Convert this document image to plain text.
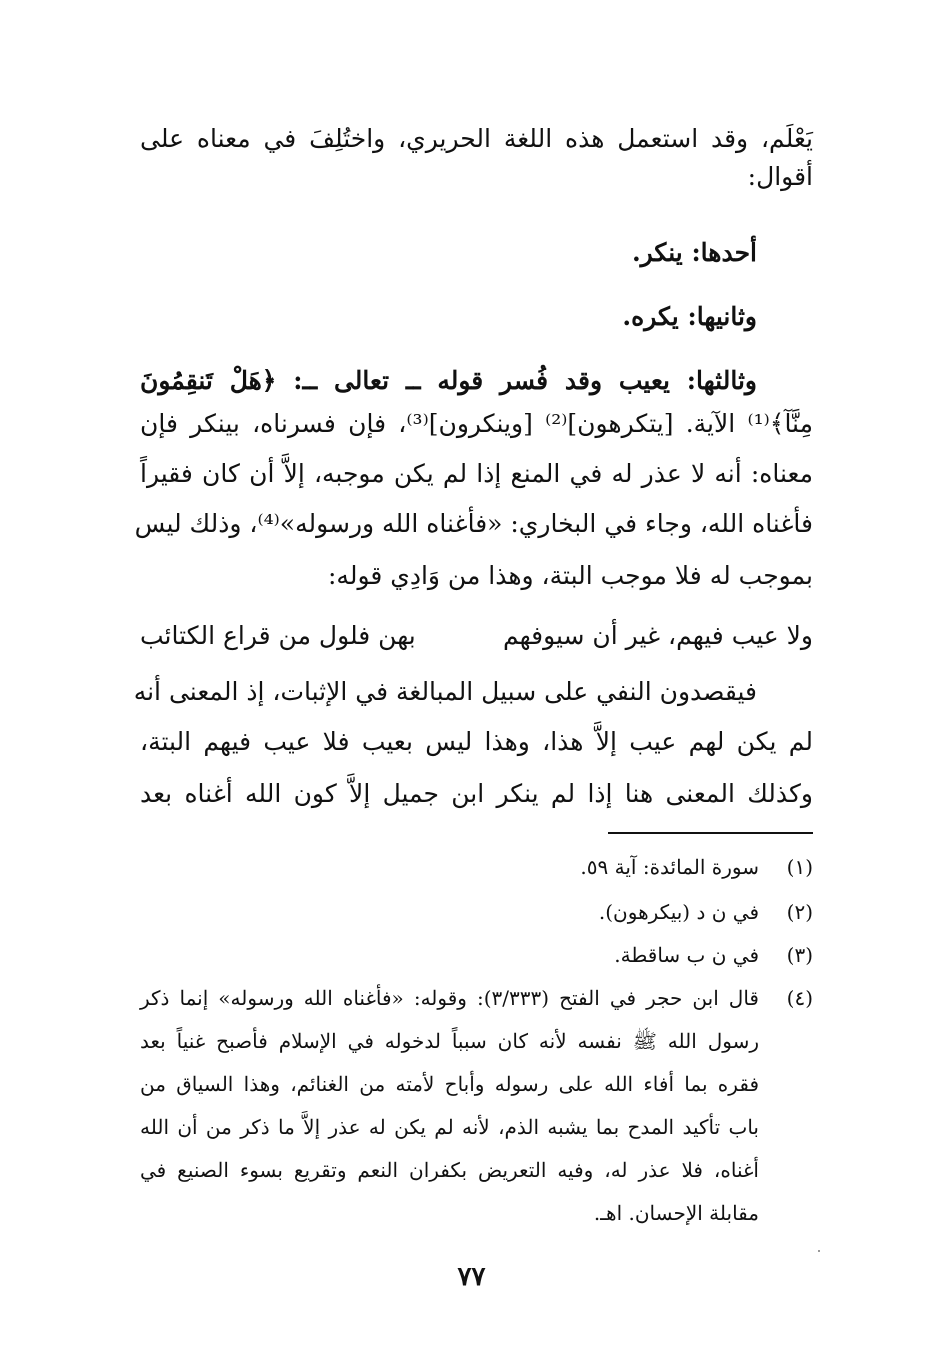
يَعْلَم، وقد استعمل هذه اللغة الحريري، واختُلِفَ في معناه على
أقوال:
أحدها: ينكر.
وثانيها: يكره.
وثالثها: يعيب وقد فُسر قوله ــ تعالى ــ: ﴿هَلْ تَنقِمُونَ
مِنَّآ﴾⁽¹⁾ الآية. [يتكرهون]⁽²⁾ [وينكرون]⁽³⁾، فإن فسرناه، بينكر فإن
معناه: أنه لا عذر له في المنع إذا لم يكن موجبه، إلاَّ أن كان فقيراً
فأغناه الله، وجاء في البخاري: «فأغناه الله ورسوله»⁽⁴⁾، وذلك ليس
بموجب له فلا موجب البتة، وهذا من وَادِي قوله:
ولا عيب فيهم، غير أن سيوفهم
بهن فلول من قراع الكتائب
فيقصدون النفي على سبيل المبالغة في الإثبات، إذ المعنى أنه
لم يكن لهم عيب إلاَّ هذا، وهذا ليس بعيب فلا عيب فيهم البتة،
وكذلك المعنى هنا إذا لم ينكر ابن جميل إلاَّ كون الله أغناه بعد
(١)
سورة المائدة: آية ٥٩.
(٢)
في ن د (بيكرهون).
(٣)
في ن ب ساقطة.
(٤)
قال ابن حجر في الفتح (٣/٣٣٣): وقوله: «فأغناه الله ورسوله» إنما ذكر
رسول الله ﷺ نفسه لأنه كان سبباً لدخوله في الإسلام فأصبح غنياً بعد
فقره بما أفاء الله على رسوله وأباح لأمته من الغنائم، وهذا السياق من
باب تأكيد المدح بما يشبه الذم، لأنه لم يكن له عذر إلاَّ ما ذكر من أن الله
أغناه، فلا عذر له، وفيه التعريض بكفران النعم وتقريع بسوء الصنيع في
مقابلة الإحسان. اهـ.
٧٧
